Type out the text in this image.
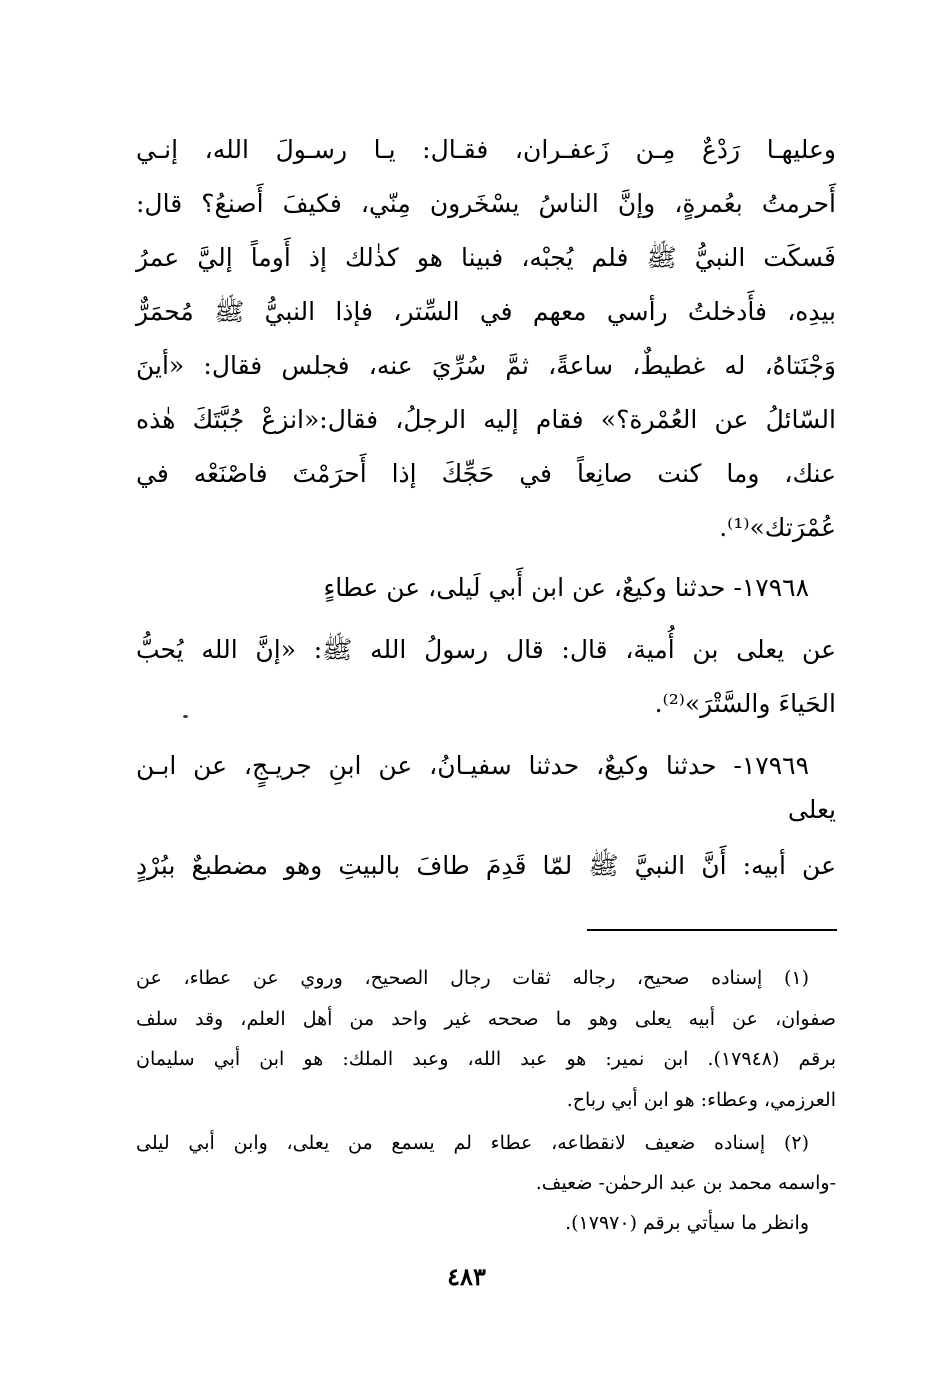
وعليهـا رَدْعٌ مِـن زَعفـران، فقـال: يـا رسـولَ الله، إنـي
أَحرمتُ بعُمرةٍ، وإنَّ الناسُ يسْخَرون مِنّي، فكيفَ أَصنعُ؟ قال:
فَسكَت النبيُّ ﷺ فلم يُجبْه، فبينا هو كذٰلك إذ أَوماً إليَّ عمرُ
بيدِه، فأَدخلتُ رأسي معهم في السِّتر، فإذا النبيُّ ﷺ مُحمَرٌّ
وَجْنَتاهُ، له غطيطٌ، ساعةً، ثمَّ سُرِّيَ عنه، فجلس فقال: «أينَ
السّائلُ عن العُمْرة؟» فقام إليه الرجلُ، فقال:«انزعْ جُبَّتَكَ هٰذه
عنك، وما كنت صانِعاً في حَجِّكَ إذا أَحرَمْتَ فاصْنَعْه في
عُمْرَتك»⁽¹⁾.
١٧٩٦٨- حدثنا وكيعٌ، عن ابن أَبي لَيلى، عن عطاءٍ
عن يعلى بن أُمية، قال: قال رسولُ الله ﷺ: «إنَّ الله يُحبُّ
الحَياءَ والسَّتْرَ»⁽²⁾.
١٧٩٦٩- حدثنا وكيعٌ، حدثنا سفيـانُ، عن ابنِ جريـجٍ، عن ابـن
يعلى
عن أبيه: أَنَّ النبيَّ ﷺ لمّا قَدِمَ طافَ بالبيتِ وهو مضطبعٌ ببُرْدٍ
(١) إسناده صحيح، رجاله ثقات رجال الصحيح، وروي عن عطاء، عن
صفوان، عن أبيه يعلى وهو ما صححه غير واحد من أهل العلم، وقد سلف
برقم (١٧٩٤٨). ابن نمير: هو عبد الله، وعبد الملك: هو ابن أبي سليمان
العرزمي، وعطاء: هو ابن أبي رباح.
(٢) إسناده ضعيف لانقطاعه، عطاء لم يسمع من يعلى، وابن أبي ليلى
-واسمه محمد بن عبد الرحمٰن- ضعيف.
وانظر ما سيأتي برقم (١٧٩٧٠).
٤٨٣
